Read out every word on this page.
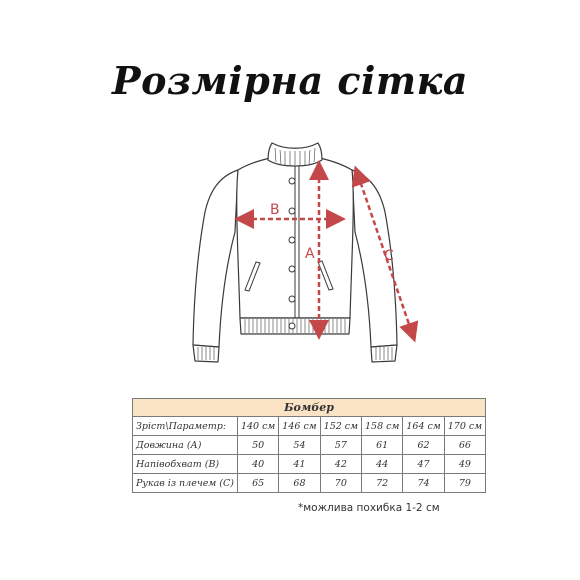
Розмірна сітка
B
A	C
Бомбер						
Зріст\Параметр:	140 см	146 см	152 см	158 см	164 см	170 см
Довжина (А)	50	54	57	61	62	66
Напівобхват (В)	40	41	42	44	47	49
Рукав із плечем (С)	65	68	70	72	74	79
*можлива похибка 1-2 см
